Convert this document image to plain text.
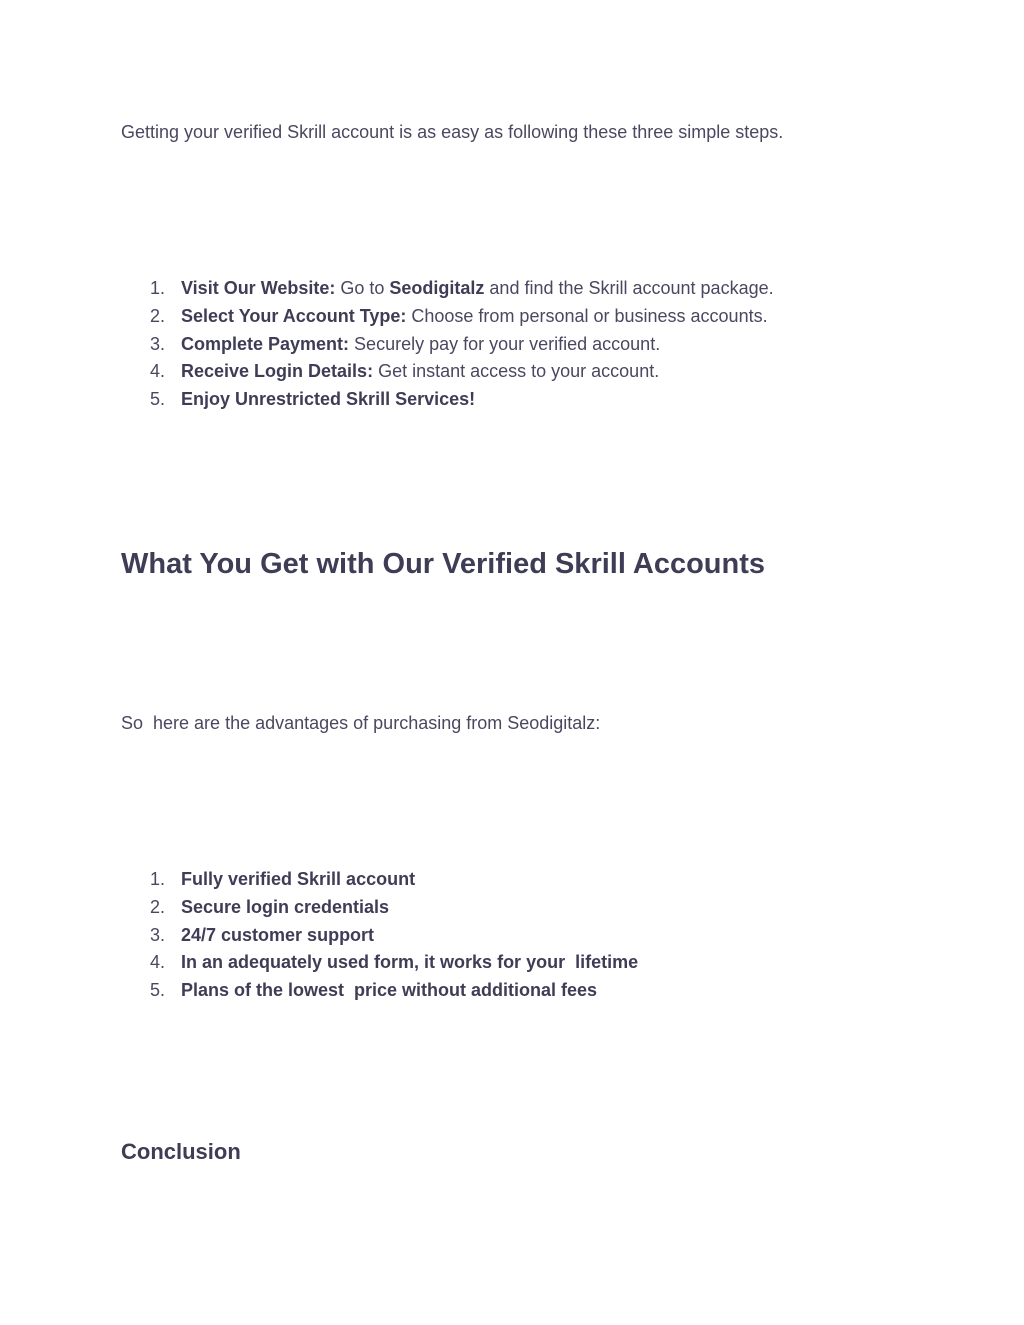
Getting your verified Skrill account is as easy as following these three simple steps.

1. Visit Our Website: Go to Seodigitalz and find the Skrill account package.
2. Select Your Account Type: Choose from personal or business accounts.
3. Complete Payment: Securely pay for your verified account.
4. Receive Login Details: Get instant access to your account.
5. Enjoy Unrestricted Skrill Services!
What You Get with Our Verified Skrill Accounts

So  here are the advantages of purchasing from Seodigitalz:

1. Fully verified Skrill account
2. Secure login credentials
3. 24/7 customer support
4. In an adequately used form, it works for your  lifetime
5. Plans of the lowest  price without additional fees
Conclusion
